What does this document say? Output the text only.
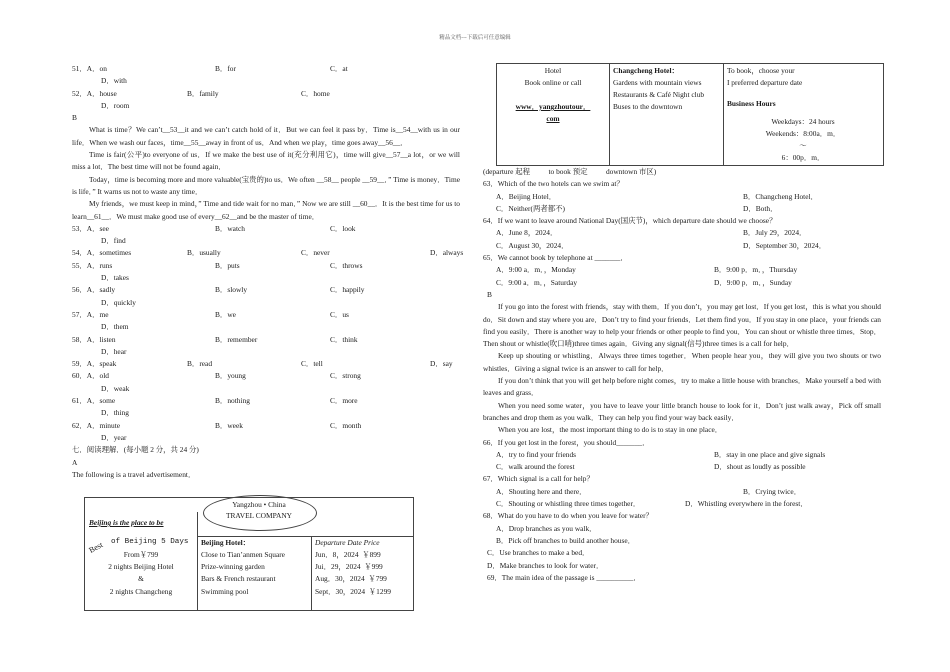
精品文档---下载后可任意编辑
51．A．on	B．for	C．at
D．with
52．A．house	B．family	C．home
D．room
B

What is time？We can’t__53__it and we can’t catch hold of it．But we can feel it pass by．Time is__54__with us in our life．When we wash our faces，time__55__away in front of us．And when we play，time goes away__56__．

Time is fair(公平)to everyone of us．If we make the best use of it(充分利用它)，time will give__57__a lot，or we will miss a lot．The best time will not be found again．

Today，time is becoming more and more valuable(宝贵的)to us．We often __58__ people __59__．” Time is money．Time is life．” It warns us not to waste any time．

My friends，we must keep in mind，” Time and tide wait for no man．” Now we are still __60__．It is the best time for us to learn__61__．We must make good use of every__62__and be the master of time．

53．A．see	B．watch	C．look
D．find
54．A．sometimes	B．usually	C．never	D．always
55．A．runs	B．puts	C．throws
D．takes
56．A．sadly	B．slowly	C．happily
D．quickly
57．A．me	B．we	C．us
D．them
58．A．listen	B．remember	C．think
D．hear
59．A．speak	B．read	C．tell	D．say
60．A．old	B．young	C．strong
D．weak
61．A．some	B．nothing	C．more
D．thing
62．A．minute	B．week	C．month
D．year
七．阅读理解．(每小题 2 分，共 24 分)
A
The following is a travel advertisement．
Yangzhou • China
TRAVEL COMPANY
Beijing is the place to be
Best of Beijing 5 Days
From￥799
2 nights Beijing Hotel
&
2 nights Changcheng
Beijing Hotel：
Close to Tian’anmen Square
Prize-winning garden
Bars & French restaurant
Swimming pool
Departure Date Price
Jun．8，2024  ￥899
Jui．29，2024  ￥999
Aug．30，2024  ￥799
Sept．30，2024  ￥1299
Hotel
Book online or call
www．yangzhoutour．
com
Changcheng Hotel：
Gardens with mountain views
Restaurants & Café Night club
Buses to the downtown
To book，choose your
I preferred departure date
Business Hours
Weekdays：24 hours
Weekends：8:00a．m．
～
6：00p．m．
(departure 起程          to book 预定          downtown 市区)
63．Which of the two hotels can we swim at？
A．Beijing Hotel．	B．Changcheng Hotel．
C．Neither(两者都不)	D．Both．
64．If we want to leave around National Day(国庆节)，which departure date should we choose？
A．June 8，2024．	B．July 29，2024．
C．August 30，2024．	D．September 30，2024．
65．We cannot book by telephone at _______．
A．9:00 a．m．，Monday	B．9:00 p．m．，Thursday
C．9:00 a．m．，Saturday	D．9:00 p．m．，Sunday
B

If you go into the forest with friends，stay with them．If you don’t，you may get lost．If you get lost，this is what you should do．Sit down and stay where you are．Don’t try to find your friends．Let them find you．If you stay in one place，your friends can find you easily．There is another way to help your friends or other people to find you．You can shout or whistle three times．Stop．Then shout or whistle(吹口哨)three times again．Giving any signal(信号)three times is a call for help．

Keep up shouting or whistling．Always three times together．When people hear you，they will give you two shouts or two whistles．Giving a signal twice is an answer to call for help．

If you don’t think that you will get help before night comes，try to make a little house with branches．Make yourself a bed with leaves and grass．

When you need some water，you have to leave your little branch house to look for it．Don’t just walk away，Pick off small branches and drop them as you walk．They can help you find your way back easily．

When you are lost，the most important thing to do is to stay in one place．

66．If you get lost in the forest，you should_______．
A．try to find your friends	B．stay in one place and give signals
C．walk around the forest	D．shout as loudly as possible
67．Which signal is a call for help？
A．Shouting here and there．	B．Crying twice．
C．Shouting or whistling three times together．	D．Whistling everywhere in the forest．
68．What do you have to do when you leave for water？
A．Drop branches as you walk．
B．Pick off branches to build another house．
C．Use branches to make a bed．
D．Make branches to look for water．
69．The main idea of the passage is __________．
